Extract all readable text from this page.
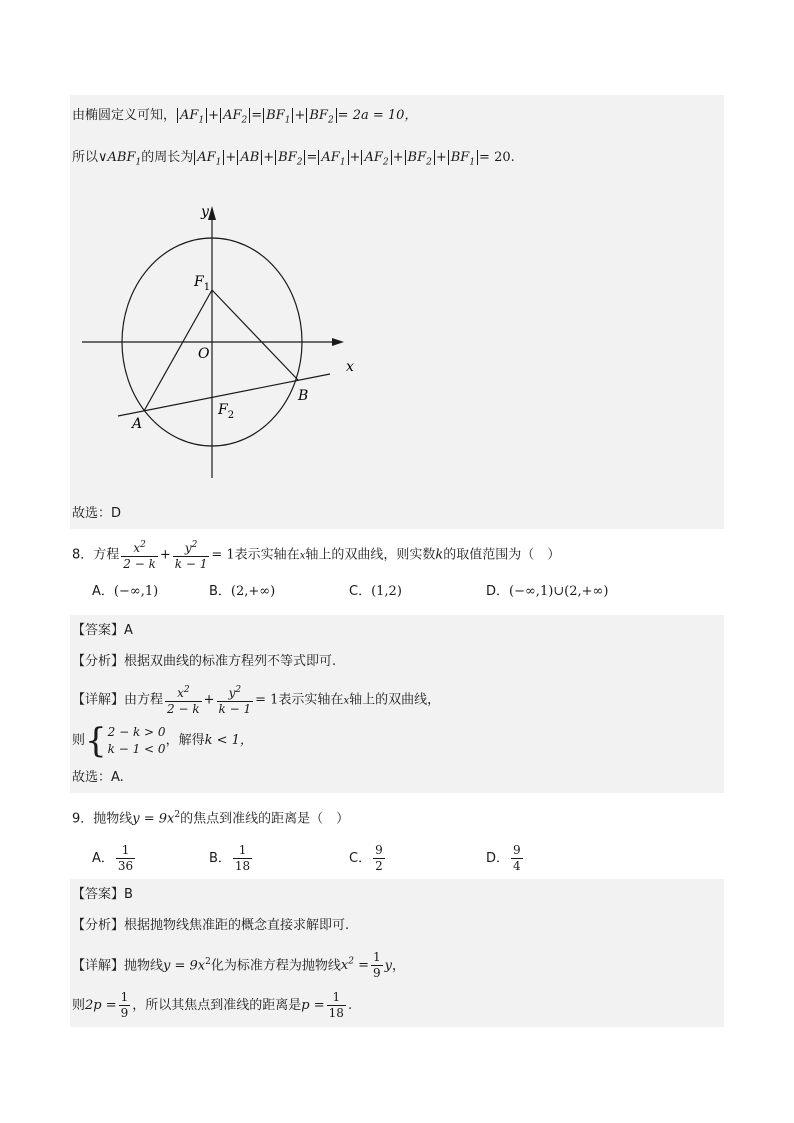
由椭圆定义可知， $AF_1 + AF_2 = BF_1 + BF_2 = 2a = 10$，
所以$\vee ABF_1$的周长为 $AF_1$ + AB + $BF_2 = AF_1 + AF_2 + BF_2 + BF_1 = 20$.
y
x
O
$F_1$
$F_2$
A
B
故选：D
8．方程 $\frac{x^2}{2 - k} + \frac{y^2}{k - 1} = 1$表示实轴在x轴上的双曲线，则实数k的取值范围为（　）
A．(−∞,1)	B．(2,+∞)	C．(1,2)	D．(−∞,1)∪(2,+∞)
【答案】A
【分析】根据双曲线的标准方程列不等式即可.
【详解】由方程 $\frac{x^2}{2 - k} + \frac{y^2}{k - 1} = 1$表示实轴在x轴上的双曲线，
则{2 − k > 0
k − 1 < 0，解得k < 1，
故选：A.
9．抛物线$y = 9x^2$的焦点到准线的距离是（　）
A． $\frac{1}{36}$	B． $\frac{1}{18}$	C． $\frac{9}{2}$	D． $\frac{9}{4}$
【答案】B
【分析】根据抛物线焦准距的概念直接求解即可.
【详解】抛物线$y = 9x^2$化为标准方程为抛物线$x^2 = \frac{1}{9}$ y，
则$2p = \frac{1}{9}$ ，所以其焦点到准线的距离是$p = \frac{1}{18}$ .
